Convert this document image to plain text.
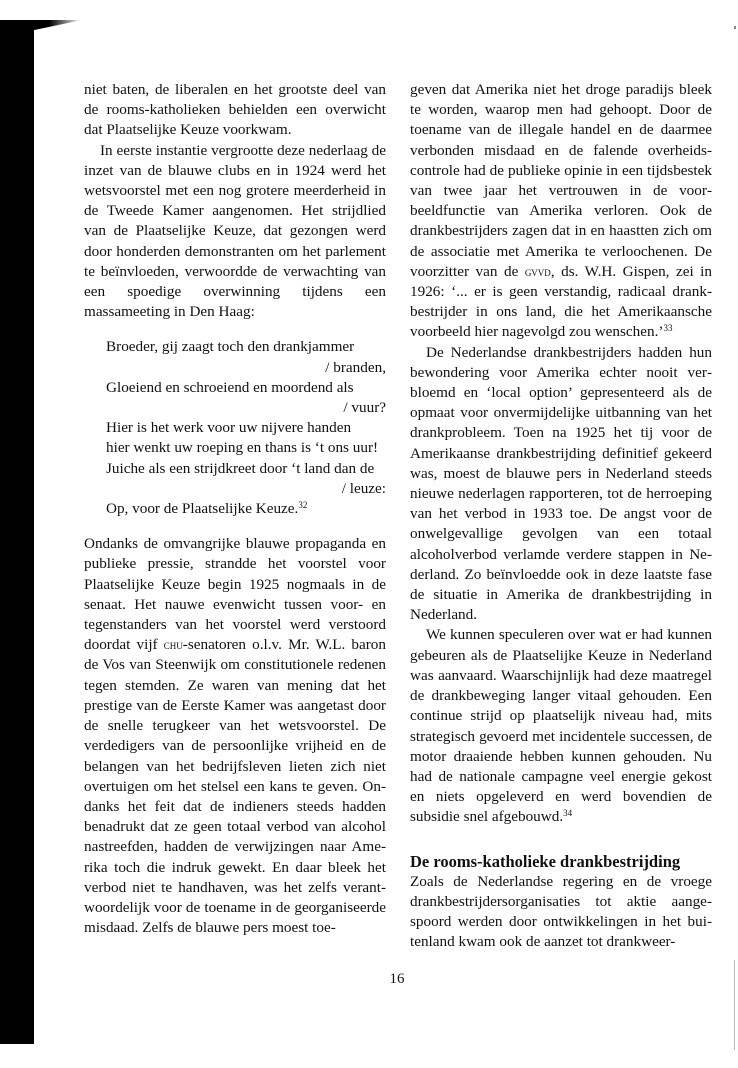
niet baten, de liberalen en het grootste deel van de rooms-katholieken behielden een overwicht dat Plaatselijke Keuze voorkwam.

In eerste instantie vergrootte deze nederlaag de inzet van de blauwe clubs en in 1924 werd het wetsvoorstel met een nog grotere meerderheid in de Tweede Kamer aangenomen. Het strijdlied van de Plaatselijke Keuze, dat gezongen werd door honderden demonstranten om het parlement te beïnvloeden, verwoordde de verwachting van een spoedige overwinning tijdens een massameeting in Den Haag:

Broeder, gij zaagt toch den drankjammer
/ branden,
Gloeiend en schroeiend en moordend als
/ vuur?
Hier is het werk voor uw nijvere handen
hier wenkt uw roeping en thans is ‘t ons uur!
Juiche als een strijdkreet door ‘t land dan de
/ leuze:
Op, voor de Plaatselijke Keuze.$^{32}$

Ondanks de omvangrijke blauwe propaganda en publieke pressie, strandde het voorstel voor Plaatselijke Keuze begin 1925 nogmaals in de senaat. Het nauwe evenwicht tussen voor- en tegenstanders van het voorstel werd verstoord doordat vijf chu-senatoren o.l.v. Mr. W.L. baron de Vos van Steenwijk om constitutionele redenen tegen stemden. Ze waren van mening dat het prestige van de Eerste Kamer was aangetast door de snelle terugkeer van het wetsvoorstel. De verdedigers van de persoonlijke vrijheid en de belangen van het bedrijfsleven lieten zich niet overtuigen om het stelsel een kans te geven. Ondanks het feit dat de indieners steeds hadden benadrukt dat ze geen totaal verbod van alcohol nastreefden, hadden de verwijzingen naar Amerika toch die indruk gewekt. En daar bleek het verbod niet te handhaven, was het zelfs verantwoordelijk voor de toename in de georganiseerde misdaad. Zelfs de blauwe pers moest toe-

geven dat Amerika niet het droge paradijs bleek te worden, waarop men had gehoopt. Door de toename van de illegale handel en de daarmee verbonden misdaad en de falende overheidscontrole had de publieke opinie in een tijdsbestek van twee jaar het vertrouwen in de voorbeeldfunctie van Amerika verloren. Ook de drankbestrijders zagen dat in en haastten zich om de associatie met Amerika te verloochenen. De voorzitter van de gvvd, ds. W.H. Gispen, zei in 1926: ‘... er is geen verstandig, radicaal drankbestrijder in ons land, die het Amerikaansche voorbeeld hier nagevolgd zou wenschen.’$^{33}$

De Nederlandse drankbestrijders hadden hun bewondering voor Amerika echter nooit verbloemd en ‘local option’ gepresenteerd als de opmaat voor onvermijdelijke uitbanning van het drankprobleem. Toen na 1925 het tij voor de Amerikaanse drankbestrijding definitief gekeerd was, moest de blauwe pers in Nederland steeds nieuwe nederlagen rapporteren, tot de herroeping van het verbod in 1933 toe. De angst voor de onwelgevallige gevolgen van een totaal alcoholverbod verlamde verdere stappen in Nederland. Zo beïnvloedde ook in deze laatste fase de situatie in Amerika de drankbestrijding in Nederland.

We kunnen speculeren over wat er had kunnen gebeuren als de Plaatselijke Keuze in Nederland was aanvaard. Waarschijnlijk had deze maatregel de drankbeweging langer vitaal gehouden. Een continue strijd op plaatselijk niveau had, mits strategisch gevoerd met incidentele successen, de motor draaiende hebben kunnen gehouden. Nu had de nationale campagne veel energie gekost en niets opgeleverd en werd bovendien de subsidie snel afgebouwd.$^{34}$

De rooms-katholieke drankbestrijding

Zoals de Nederlandse regering en de vroege drankbestrijdersorganisaties tot aktie aangespoord werden door ontwikkelingen in het buitenland kwam ook de aanzet tot drankweer-

16
